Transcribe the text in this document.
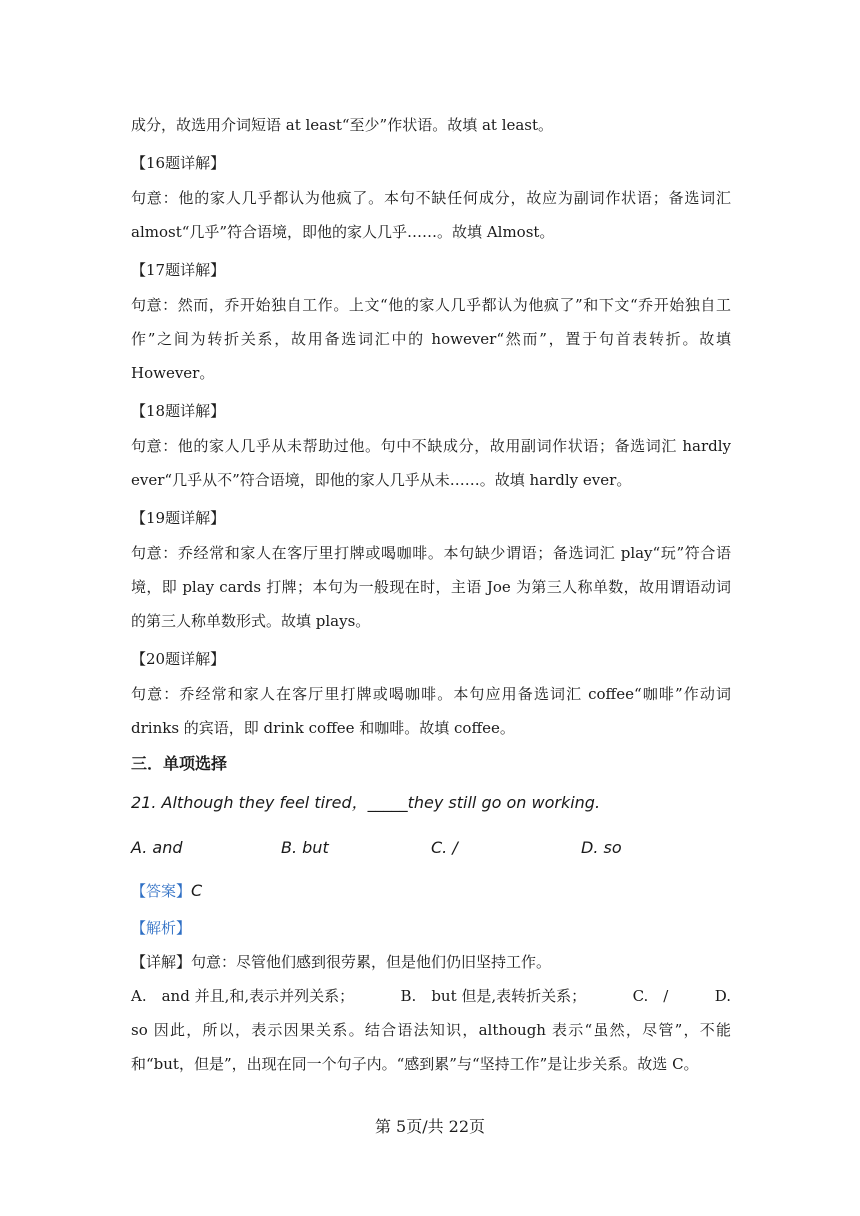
成分，故选用介词短语 at least“至少”作状语。故填 at least。

【16题详解】

句意：他的家人几乎都认为他疯了。本句不缺任何成分，故应为副词作状语；备选词汇 almost“几乎”符合语境，即他的家人几乎……。故填 Almost。

【17题详解】

句意：然而，乔开始独自工作。上文“他的家人几乎都认为他疯了”和下文“乔开始独自工作”之间为转折关系，故用备选词汇中的 however“然而”，置于句首表转折。故填 However。

【18题详解】

句意：他的家人几乎从未帮助过他。句中不缺成分，故用副词作状语；备选词汇 hardly ever“几乎从不”符合语境，即他的家人几乎从未……。故填 hardly ever。

【19题详解】

句意：乔经常和家人在客厅里打牌或喝咖啡。本句缺少谓语；备选词汇 play“玩”符合语境，即 play cards 打牌；本句为一般现在时，主语 Joe 为第三人称单数，故用谓语动词的第三人称单数形式。故填 plays。

【20题详解】

句意：乔经常和家人在客厅里打牌或喝咖啡。本句应用备选词汇 coffee“咖啡”作动词 drinks 的宾语，即 drink coffee 和咖啡。故填 coffee。

三．单项选择

21. Although they feel tired，_____they still go on working.

A. and	B. but	C. /	D. so

【答案】C

【解析】

【详解】句意：尽管他们感到很劳累，但是他们仍旧坚持工作。

A.　and 并且,和,表示并列关系；	B.　but 但是,表转折关系；	C.　/	D.

so 因此，所以，表示因果关系。结合语法知识，although 表示“虽然，尽管”，不能和“but，但是”，出现在同一个句子内。“感到累”与“坚持工作”是让步关系。故选 C。

第 5页/共 22页
